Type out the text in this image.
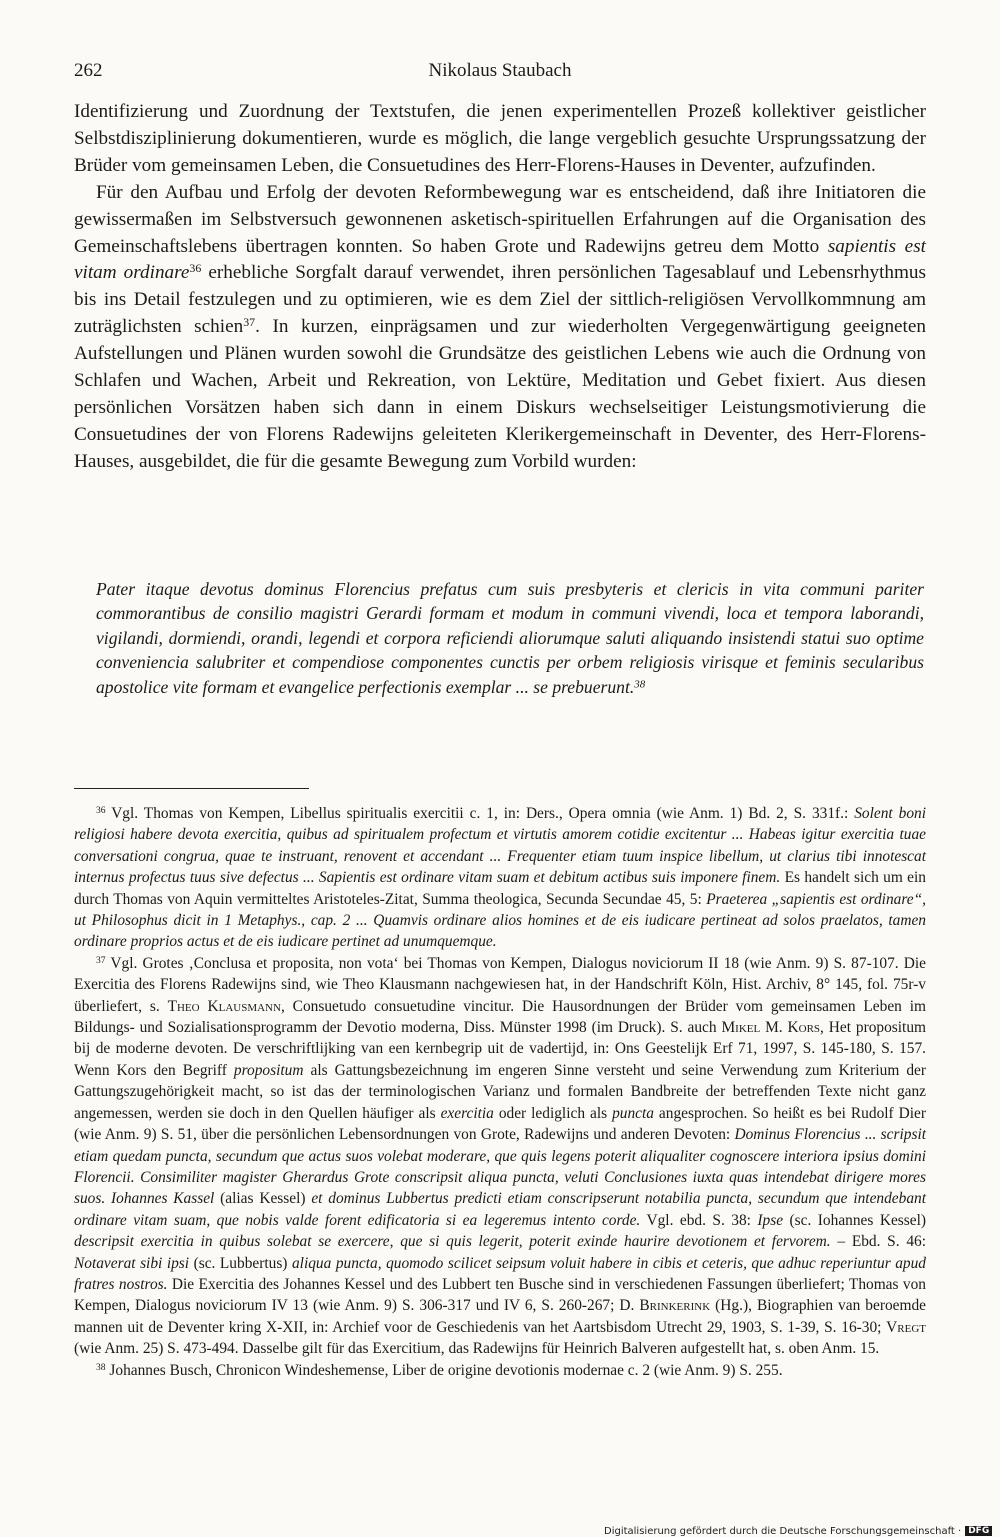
262	Nikolaus Staubach

Identifizierung und Zuordnung der Textstufen, die jenen experimentellen Prozeß kollektiver geistlicher Selbstdisziplinierung dokumentieren, wurde es möglich, die lange vergeblich gesuchte Ursprungssatzung der Brüder vom gemeinsamen Leben, die Consuetudines des Herr-Florens-Hauses in Deventer, aufzufinden.

Für den Aufbau und Erfolg der devoten Reformbewegung war es entscheidend, daß ihre Initiatoren die gewissermaßen im Selbstversuch gewonnenen asketisch-spirituellen Erfahrungen auf die Organisation des Gemeinschaftslebens übertragen konnten. So haben Grote und Radewijns getreu dem Motto sapientis est vitam ordinare$^{36}$ erhebliche Sorgfalt darauf verwendet, ihren persönlichen Tagesablauf und Lebensrhythmus bis ins Detail festzulegen und zu optimieren, wie es dem Ziel der sittlich-religiösen Vervollkommnung am zuträglichsten schien$^{37}$. In kurzen, einprägsamen und zur wiederholten Vergegenwärtigung geeigneten Aufstellungen und Plänen wurden sowohl die Grundsätze des geistlichen Lebens wie auch die Ordnung von Schlafen und Wachen, Arbeit und Rekreation, von Lektüre, Meditation und Gebet fixiert. Aus diesen persönlichen Vorsätzen haben sich dann in einem Diskurs wechselseitiger Leistungsmotivierung die Consuetudines der von Florens Radewijns geleiteten Klerikergemeinschaft in Deventer, des Herr-Florens-Hauses, ausgebildet, die für die gesamte Bewegung zum Vorbild wurden:

Pater itaque devotus dominus Florencius prefatus cum suis presbyteris et clericis in vita communi pariter commorantibus de consilio magistri Gerardi formam et modum in communi vivendi, loca et tempora laborandi, vigilandi, dormiendi, orandi, legendi et corpora reficiendi aliorumque saluti aliquando insistendi statui suo optime conveniencia salubriter et compendiose componentes cunctis per orbem religiosis virisque et feminis secularibus apostolice vite formam et evangelice perfectionis exemplar ... se prebuerunt.$^{38}$

$^{36}$ Vgl. Thomas von Kempen, Libellus spiritualis exercitii c. 1, in: Ders., Opera omnia (wie Anm. 1) Bd. 2, S. 331f.: Solent boni religiosi habere devota exercitia, quibus ad spiritualem profectum et virtutis amorem cotidie excitentur ... Habeas igitur exercitia tuae conversationi congrua, quae te instruant, renovent et accendant ... Frequenter etiam tuum inspice libellum, ut clarius tibi innotescat internus profectus tuus sive defectus ... Sapientis est ordinare vitam suam et debitum actibus suis imponere finem. Es handelt sich um ein durch Thomas von Aquin vermitteltes Aristoteles-Zitat, Summa theologica, Secunda Secundae 45, 5: Praeterea „sapientis est ordinare“, ut Philosophus dicit in 1 Metaphys., cap. 2 ... Quamvis ordinare alios homines et de eis iudicare pertineat ad solos praelatos, tamen ordinare proprios actus et de eis iudicare pertinet ad unumquemque.

$^{37}$ Vgl. Grotes ‚Conclusa et proposita, non vota‘ bei Thomas von Kempen, Dialogus noviciorum II 18 (wie Anm. 9) S. 87-107. Die Exercitia des Florens Radewijns sind, wie Theo Klausmann nachgewiesen hat, in der Handschrift Köln, Hist. Archiv, 8° 145, fol. 75r-v überliefert, s. Theo Klausmann, Consuetudo consuetudine vincitur. Die Hausordnungen der Brüder vom gemeinsamen Leben im Bildungs- und Sozialisationsprogramm der Devotio moderna, Diss. Münster 1998 (im Druck). S. auch Mikel M. Kors, Het propositum bij de moderne devoten. De verschriftlijking van een kernbegrip uit de vadertijd, in: Ons Geestelijk Erf 71, 1997, S. 145-180, S. 157. Wenn Kors den Begriff propositum als Gattungsbezeichnung im engeren Sinne versteht und seine Verwendung zum Kriterium der Gattungszugehörigkeit macht, so ist das der terminologischen Varianz und formalen Bandbreite der betreffenden Texte nicht ganz angemessen, werden sie doch in den Quellen häufiger als exercitia oder lediglich als puncta angesprochen. So heißt es bei Rudolf Dier (wie Anm. 9) S. 51, über die persönlichen Lebensordnungen von Grote, Radewijns und anderen Devoten: Dominus Florencius ... scripsit etiam quedam puncta, secundum que actus suos volebat moderare, que quis legens poterit aliqualiter cognoscere interiora ipsius domini Florencii. Consimiliter magister Gherardus Grote conscripsit aliqua puncta, veluti Conclusiones iuxta quas intendebat dirigere mores suos. Iohannes Kassel (alias Kessel) et dominus Lubbertus predicti etiam conscripserunt notabilia puncta, secundum que intendebant ordinare vitam suam, que nobis valde forent edificatoria si ea legeremus intento corde. Vgl. ebd. S. 38: Ipse (sc. Iohannes Kessel) descripsit exercitia in quibus solebat se exercere, que si quis legerit, poterit exinde haurire devotionem et fervorem. – Ebd. S. 46: Notaverat sibi ipsi (sc. Lubbertus) aliqua puncta, quomodo scilicet seipsum voluit habere in cibis et ceteris, que adhuc reperiuntur apud fratres nostros. Die Exercitia des Johannes Kessel und des Lubbert ten Busche sind in verschiedenen Fassungen überliefert; Thomas von Kempen, Dialogus noviciorum IV 13 (wie Anm. 9) S. 306-317 und IV 6, S. 260-267; D. Brinkerink (Hg.), Biographien van beroemde mannen uit de Deventer kring X-XII, in: Archief voor de Geschiedenis van het Aartsbisdom Utrecht 29, 1903, S. 1-39, S. 16-30; Vregt (wie Anm. 25) S. 473-494. Dasselbe gilt für das Exercitium, das Radewijns für Heinrich Balveren aufgestellt hat, s. oben Anm. 15.

$^{38}$ Johannes Busch, Chronicon Windeshemense, Liber de origine devotionis modernae c. 2 (wie Anm. 9) S. 255.

Digitalisierung gefördert durch die Deutsche Forschungsgemeinschaft · DFG
